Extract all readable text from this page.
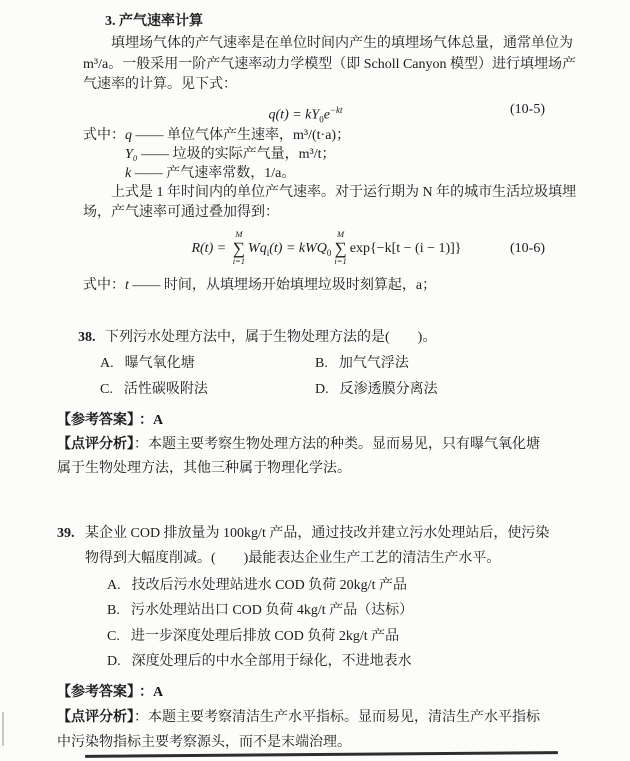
3. 产气速率计算
填埋场气体的产气速率是在单位时间内产生的填埋场气体总量，通常单位为
m³/a。一般采用一阶产气速率动力学模型（即 Scholl Canyon 模型）进行填埋场产
气速率的计算。见下式：
$q(t) = kY_0e^{-kt}$	(10-5)
式中： q —— 单位气体产生速率，m³/(t·a)；
Y₀ —— 垃圾的实际产气量，m³/t；
k —— 产气速率常数，1/a。
上式是 1 年时间内的单位产气速率。对于运行期为 N 年的城市生活垃圾填埋
场，产气速率可通过叠加得到：
R(t) =
M
∑
i=1
$Wq_i(t) = kWQ_0$
M
∑
i=1
exp{−k[t − (i − 1)]}	(10-6)
式中： t —— 时间，从填埋场开始填埋垃圾时刻算起，a；
38. 下列污水处理方法中，属于生物处理方法的是(　　)。
A. 曝气氧化塘	B. 加气气浮法
C. 活性碳吸附法	D. 反渗透膜分离法
【参考答案】 ：A
【点评分析】：本题主要考察生物处理方法的种类。显而易见，只有曝气氧化塘
属于生物处理方法，其他三种属于物理化学法。
39. 某企业 COD 排放量为 100kg/t 产品，通过技改并建立污水处理站后，使污染
物得到大幅度削减。(　　)最能表达企业生产工艺的清洁生产水平。
A. 技改后污水处理站进水 COD 负荷 20kg/t 产品
B. 污水处理站出口 COD 负荷 4kg/t 产品（达标）
C. 进一步深度处理后排放 COD 负荷 2kg/t 产品
D. 深度处理后的中水全部用于绿化，不进地表水
【参考答案】 ：A
【点评分析】：本题主要考察清洁生产水平指标。显而易见，清洁生产水平指标
中污染物指标主要考察源头，而不是末端治理。
